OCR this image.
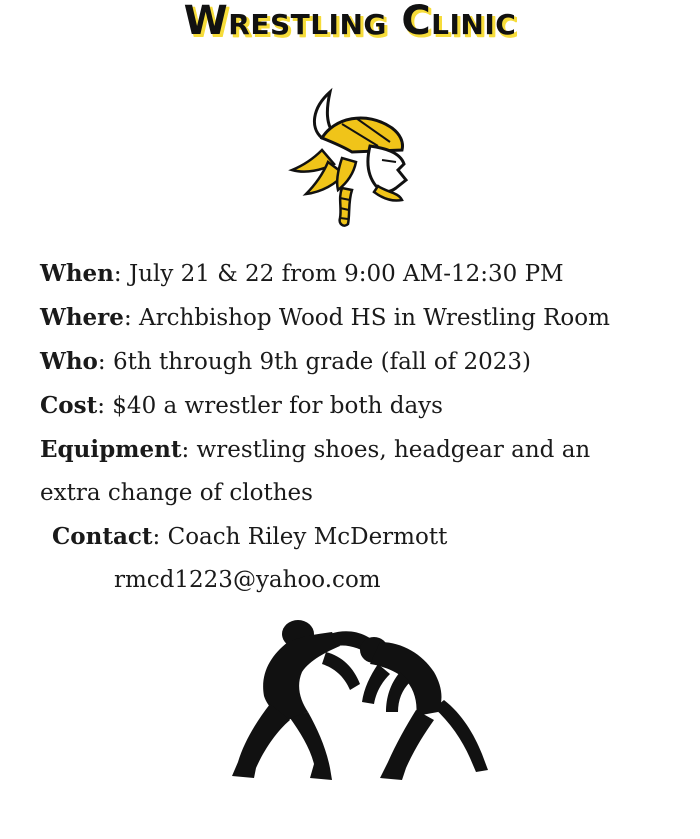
Wrestling Clinic
When: July 21 & 22 from 9:00 AM-12:30 PM
Where: Archbishop Wood HS in Wrestling Room
Who: 6th through 9th grade (fall of 2023)
Cost: $40 a wrestler for both days
Equipment: wrestling shoes, headgear and an
extra change of clothes
Contact: Coach Riley McDermott
rmcd1223@yahoo.com
